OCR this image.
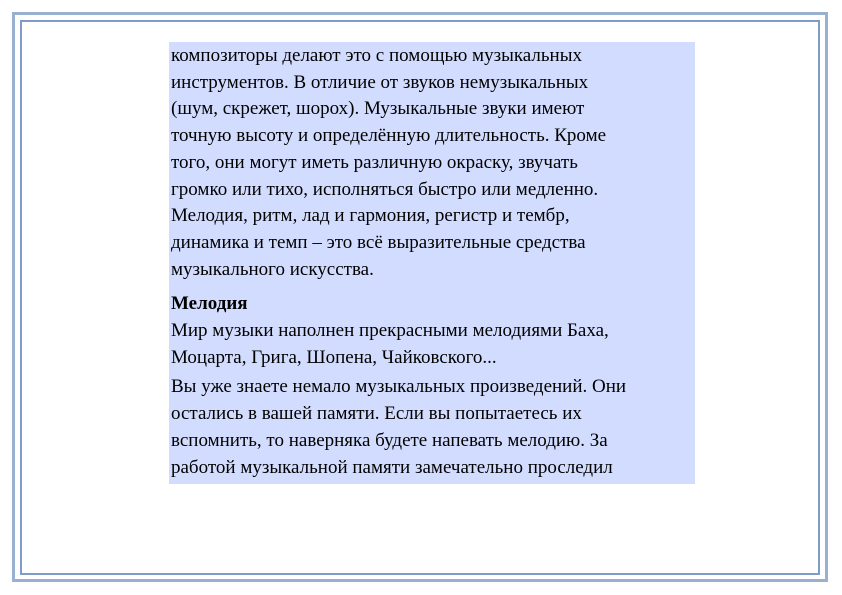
композиторы делают это с помощью музыкальных

инструментов. В отличие от звуков немузыкальных

(шум, скрежет, шорох). Музыкальные звуки имеют

точную высоту и определённую длительность. Кроме

того, они могут иметь различную окраску, звучать

громко или тихо, исполняться быстро или медленно.

Мелодия, ритм, лад и гармония, регистр и тембр,

динамика и темп – это всё выразительные средства

музыкального искусства.

Мелодия

Мир музыки наполнен прекрасными мелодиями Баха,

Моцарта, Грига, Шопена, Чайковского...

Вы уже знаете немало музыкальных произведений. Они

остались в вашей памяти. Если вы попытаетесь их

вспомнить, то наверняка будете напевать мелодию. За

работой музыкальной памяти замечательно проследил
